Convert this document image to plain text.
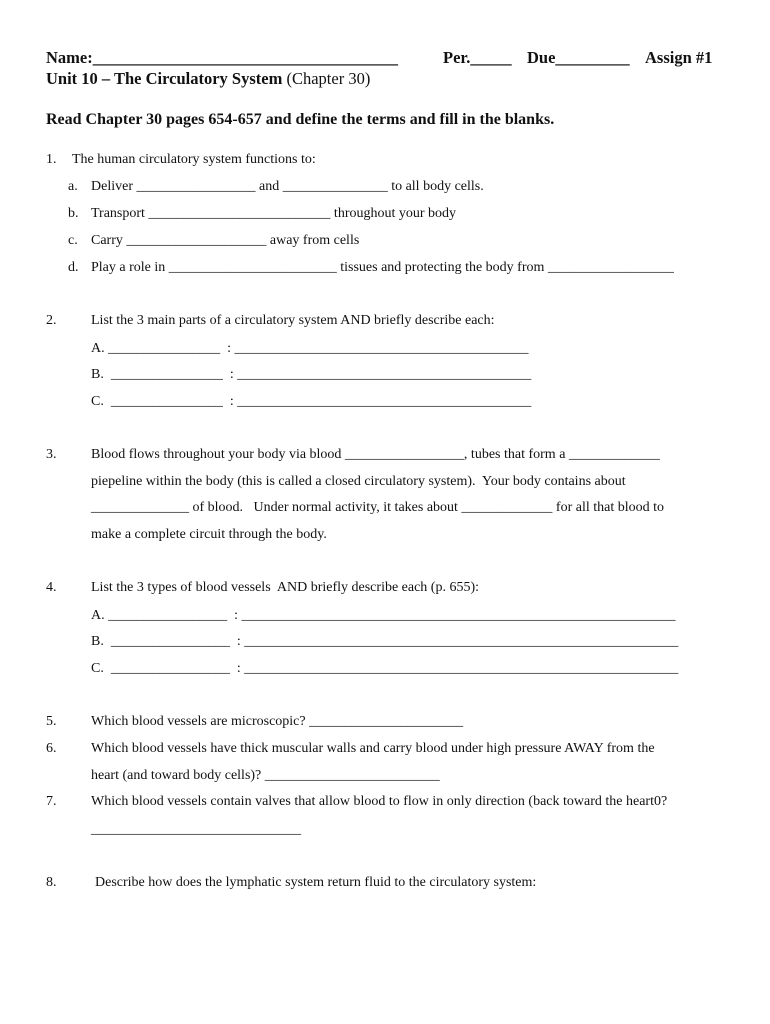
Name:_____________________________________	Per._____ Due_________ Assign #1
Unit 10 – The Circulatory System (Chapter 30)
Read Chapter 30 pages 654-657 and define the terms and fill in the blanks.
1. The human circulatory system functions to:
a. Deliver _________________ and _______________ to all body cells.
b. Transport __________________________ throughout your body
c. Carry ____________________ away from cells
d. Play a role in ________________________ tissues and protecting the body from __________________
2. List the 3 main parts of a circulatory system AND briefly describe each:
A. ________________  : __________________________________________
B.  ________________  : __________________________________________
C.  ________________  : __________________________________________
3. Blood flows throughout your body via blood _________________, tubes that form a _____________
piepeline within the body (this is called a closed circulatory system).  Your body contains about
______________ of blood.   Under normal activity, it takes about _____________ for all that blood to
make a complete circuit through the body.
4. List the 3 types of blood vessels  AND briefly describe each (p. 655):
A. _________________  : ______________________________________________________________
B.  _________________  : ______________________________________________________________
C.  _________________  : ______________________________________________________________
5. Which blood vessels are microscopic? ______________________
6. Which blood vessels have thick muscular walls and carry blood under high pressure AWAY from the
heart (and toward body cells)? _________________________
7. Which blood vessels contain valves that allow blood to flow in only direction (back toward the heart0?
______________________________
8.	Describe how does the lymphatic system return fluid to the circulatory system:
